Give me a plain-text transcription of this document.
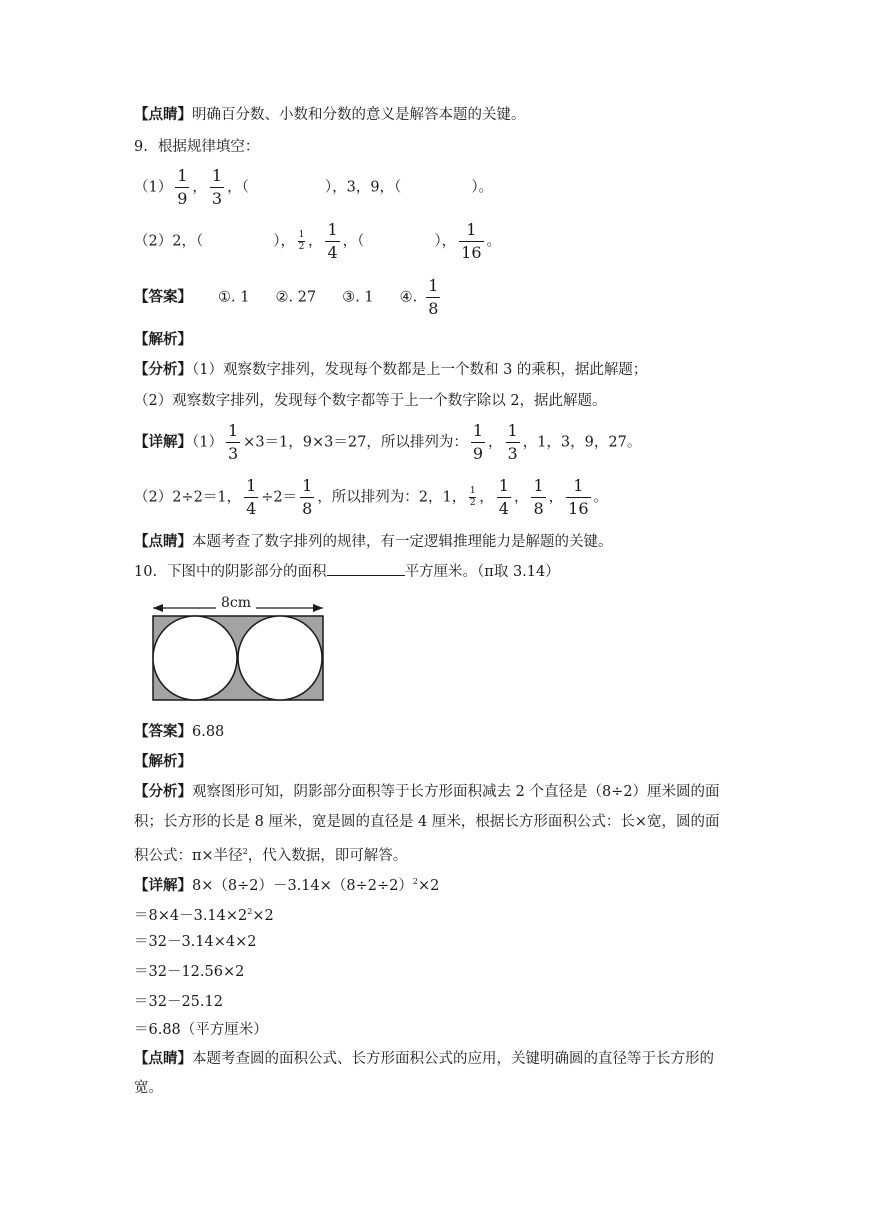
【点睛】明确百分数、小数和分数的意义是解答本题的关键。
9. 根据规律填空：
$(1) \frac{1}{9}$ ， $\frac{1}{3}$ ，（	），3，9，（	）。
（2）2，（	）， $\frac{1}{2}$ ， $\frac{1}{4}$ ，（	）， $\frac{1}{16}$ 。
【答案】 ①. 1 ②. 27 ③. 1 ④. $\frac{1}{8}$
【解析】
【分析】（1）观察数字排列，发现每个数都是上一个数和 3 的乘积，据此解题；
（2）观察数字排列，发现每个数字都等于上一个数字除以 2，据此解题。
【详解】$(1) \frac{1}{3} \times 3=1$，9×3＝27，所以排列为： $\frac{1}{9}$ ， $\frac{1}{3}$ ，1，3，9，27。
（2）2÷2＝1， $\frac{1}{4} \div 2= \frac{1}{8}$ ，所以排列为：2，1， $\frac{1}{2}$ ， $\frac{1}{4}$ ， $\frac{1}{8}$ ， $\frac{1}{16}$ 。
【点睛】本题考查了数字排列的规律，有一定逻辑推理能力是解题的关键。
10. 下图中的阴影部分的面积	平方厘米。（π取 3.14）
8cm
【答案】6.88
【解析】
【分析】观察图形可知，阴影部分面积等于长方形面积减去 2 个直径是（8÷2）厘米圆的面
积；长方形的长是 8 厘米，宽是圆的直径是 4 厘米，根据长方形面积公式：长×宽，圆的面
积公式：π×半径$^2$，代入数据，即可解答。
【详解】$8\times(8\div 2)-3.14\times(8\div 2\div 2)^2\times 2$
$=8\times 4-3.14\times 2^2\times 2$
＝32－3.14×4×2
＝32－12.56×2
＝32－25.12
＝6.88（平方厘米）
【点睛】本题考查圆的面积公式、长方形面积公式的应用，关键明确圆的直径等于长方形的
宽。
